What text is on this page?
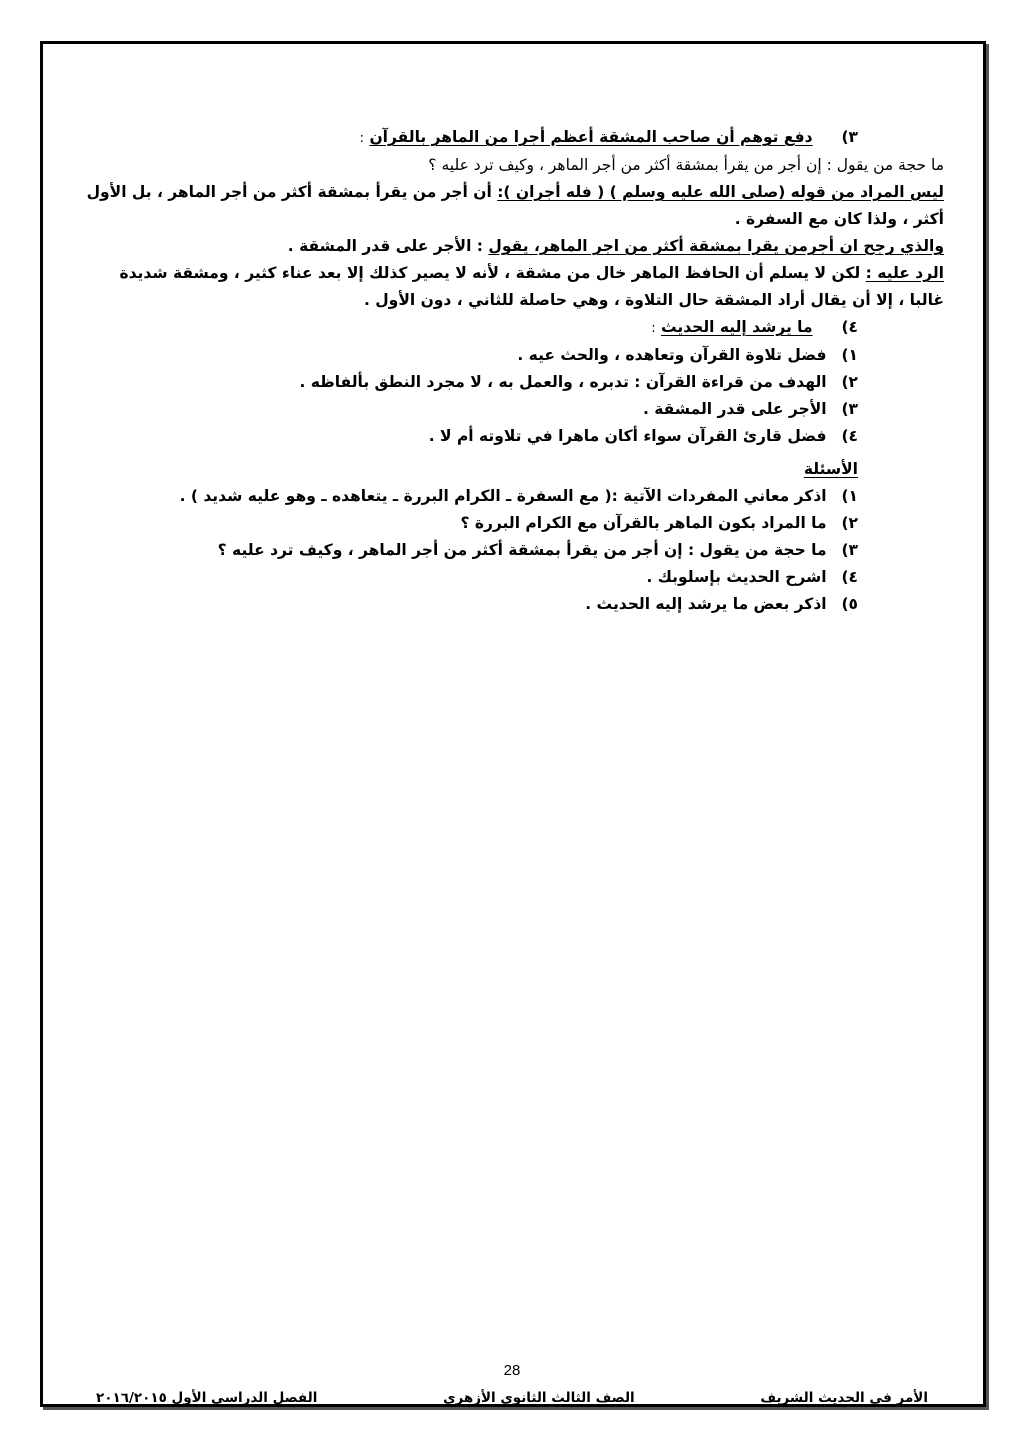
٣) دفع توهم أن صاحب المشقة أعظم أجرا من الماهر بالقرآن :
ما حجة من يقول : إن أجر من يقرأ بمشقة أكثر من أجر الماهر ، وكيف ترد عليه ؟
ليس المراد من قوله (صلى الله عليه وسلم ) ( فله أجران ): أن أجر من يقرأ بمشقة أكثر من أجر الماهر ، بل الأول
أكثر ، ولذا كان مع السفرة .
والذي رجح ان أجرمن يقرا بمشقة أكثر من اجر الماهر، يقول : الأجر على قدر المشقة .
الرد عليه : لكن لا يسلم أن الحافظ الماهر خال من مشقة ، لأنه لا يصير كذلك إلا بعد عناء كثير ، ومشقة شديدة
غالبا ، إلا أن يقال أراد المشقة حال التلاوة ، وهي حاصلة للثاني ، دون الأول .
٤) ما يرشد إليه الحديث :
١) فضل تلاوة القرآن وتعاهده ، والحث عيه .
٢) الهدف من قراءة القرآن : تدبره ، والعمل به ، لا مجرد النطق بألفاظه .
٣) الأجر على قدر المشقة .
٤) فضل قارئ القرآن سواء أكان ماهرا في تلاوته أم لا .
الأسئلة
١) اذكر معاني المفردات الآتية :( مع السفرة ـ الكرام البررة ـ يتعاهده ـ وهو عليه شديد ) .
٢) ما المراد بكون الماهر بالقرآن مع الكرام البررة ؟
٣) ما حجة من يقول : إن أجر من يقرأ بمشقة أكثر من أجر الماهر ، وكيف ترد عليه ؟
٤) اشرح الحديث بإسلوبك .
٥) اذكر بعض ما يرشد إليه الحديث .
28
الأمر في الحديث الشريف
الصف الثالث الثانوي الأزهري
الفصل الدراسي الأول ٢٠١٦/٢٠١٥
